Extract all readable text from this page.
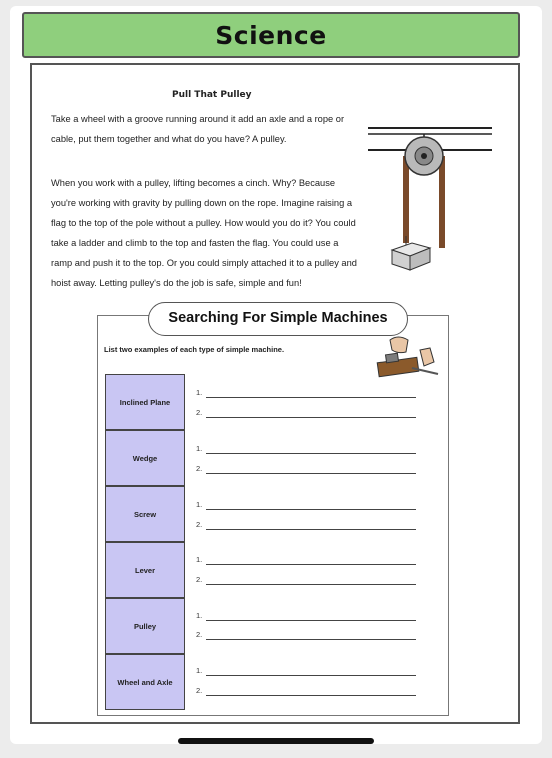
Science
Pull That Pulley

Take a wheel with a groove running around it add an axle and a rope or cable, put them together and what do you have? A pulley.

When you work with a pulley, lifting becomes a cinch. Why? Because you're working with gravity by pulling down on the rope. Imagine raising a flag to the top of the pole without a pulley. How would you do it? You could take a ladder and climb to the top and fasten the flag. You could use a ramp and push it to the top. Or you could simply attached it to a pulley and hoist away. Letting pulley's do the job is safe, simple and fun!

Searching For Simple Machines
List two examples of each type of simple machine.
Inclined Plane
Wedge
Screw
Lever
Pulley
Wheel and Axle
1.
2.
1.
2.
1.
2.
1.
2.
1.
2.
1.
2.
